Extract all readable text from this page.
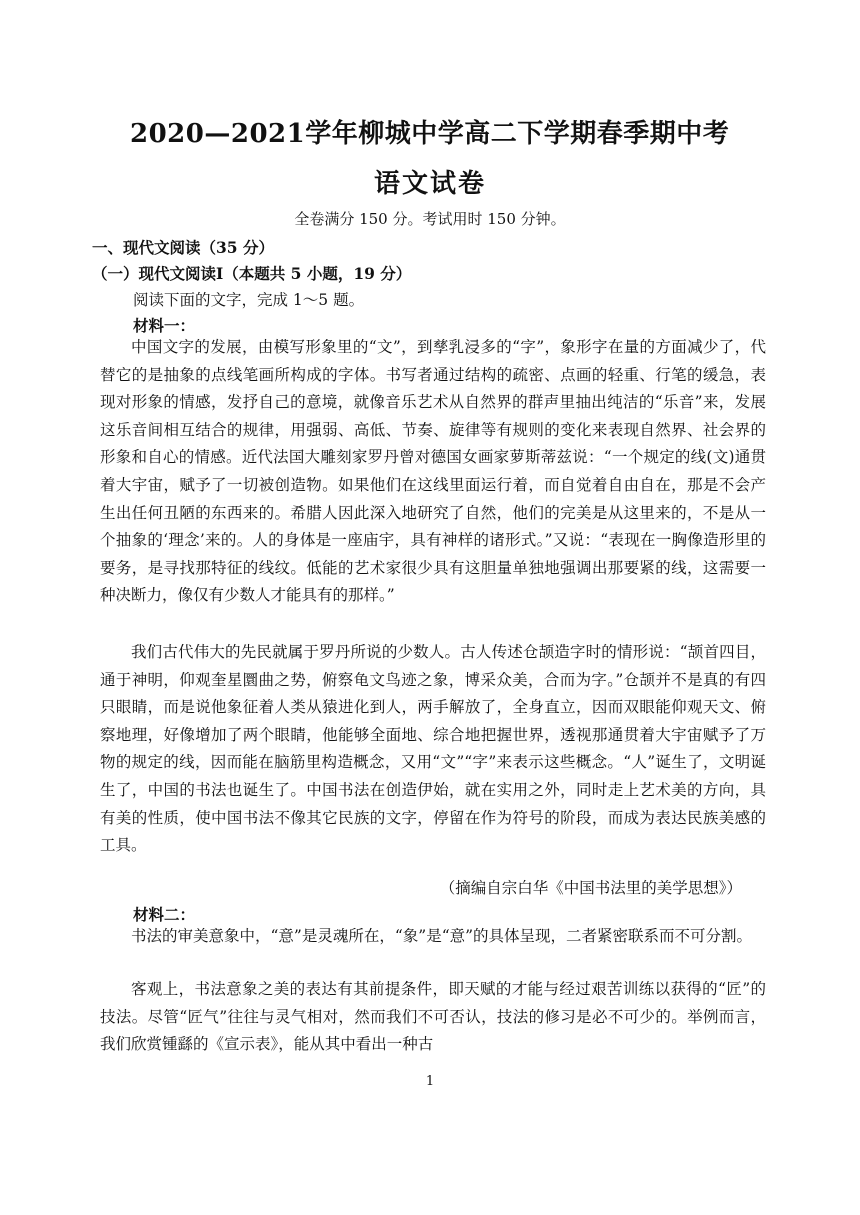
2020—2021学年柳城中学高二下学期春季期中考
语文试卷
全卷满分 150 分。考试用时 150 分钟。
一、现代文阅读（35 分）
（一）现代文阅读Ⅰ（本题共 5 小题，19 分）
阅读下面的文字，完成 1～5 题。
材料一：
中国文字的发展，由模写形象里的“文”，到孳乳浸多的“字”，象形字在量的方面减少了，代替它的是抽象的点线笔画所构成的字体。书写者通过结构的疏密、点画的轻重、行笔的缓急，表现对形象的情感，发抒自己的意境，就像音乐艺术从自然界的群声里抽出纯洁的“乐音”来，发展这乐音间相互结合的规律，用强弱、高低、节奏、旋律等有规则的变化来表现自然界、社会界的形象和自心的情感。近代法国大雕刻家罗丹曾对德国女画家萝斯蒂兹说：“一个规定的线(文)通贯着大宇宙，赋予了一切被创造物。如果他们在这线里面运行着，而自觉着自由自在，那是不会产生出任何丑陋的东西来的。希腊人因此深入地研究了自然，他们的完美是从这里来的，不是从一个抽象的‘理念’来的。人的身体是一座庙宇，具有神样的诸形式。”又说：“表现在一胸像造形里的要务，是寻找那特征的线纹。低能的艺术家很少具有这胆量单独地强调出那要紧的线，这需要一种决断力，像仅有少数人才能具有的那样。”
我们古代伟大的先民就属于罗丹所说的少数人。古人传述仓颉造字时的情形说：“颉首四目，通于神明，仰观奎星圜曲之势，俯察龟文鸟迹之象，博采众美，合而为字。”仓颉并不是真的有四只眼睛，而是说他象征着人类从猿进化到人，两手解放了，全身直立，因而双眼能仰观天文、俯察地理，好像增加了两个眼睛，他能够全面地、综合地把握世界，透视那通贯着大宇宙赋予了万物的规定的线，因而能在脑筋里构造概念，又用“文”“字”来表示这些概念。“人”诞生了，文明诞生了，中国的书法也诞生了。中国书法在创造伊始，就在实用之外，同时走上艺术美的方向，具有美的性质，使中国书法不像其它民族的文字，停留在作为符号的阶段，而成为表达民族美感的工具。
（摘编自宗白华《中国书法里的美学思想》）
材料二：
书法的审美意象中，“意”是灵魂所在，“象”是“意”的具体呈现，二者紧密联系而不可分割。
客观上，书法意象之美的表达有其前提条件，即天赋的才能与经过艰苦训练以获得的“匠”的技法。尽管“匠气”往往与灵气相对，然而我们不可否认，技法的修习是必不可少的。举例而言，我们欣赏锺繇的《宣示表》，能从其中看出一种古
1
